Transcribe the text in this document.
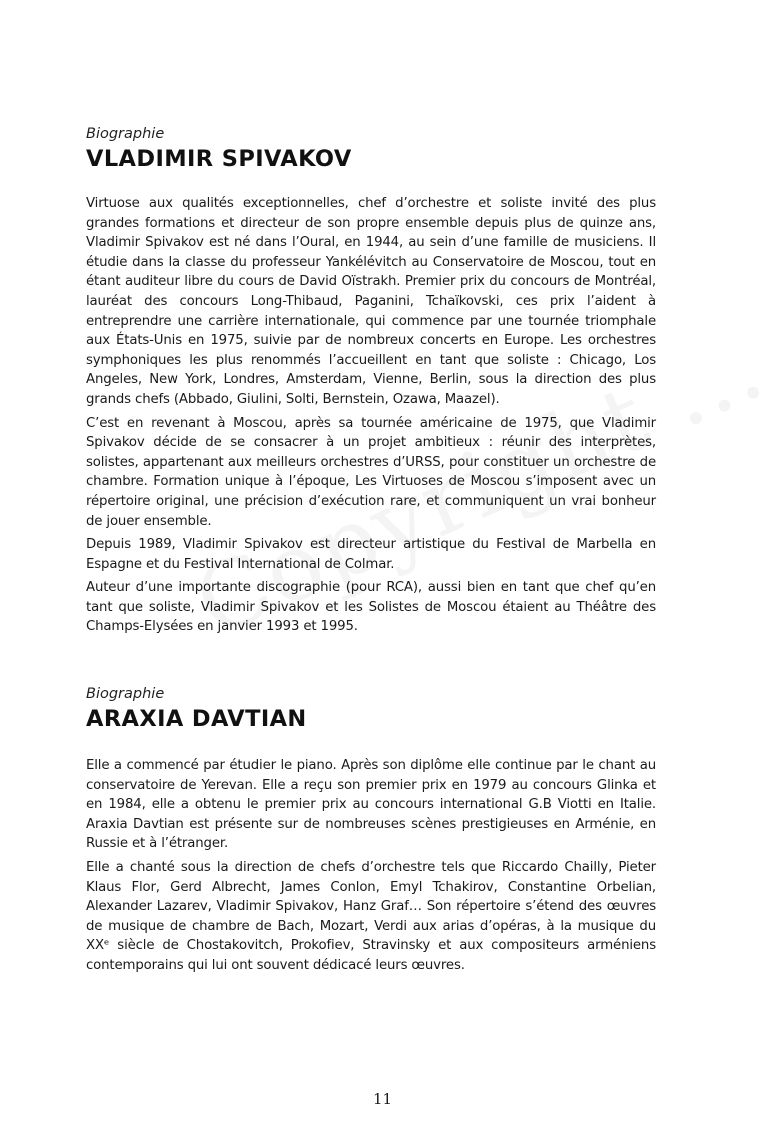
Biographie

VLADIMIR SPIVAKOV

Virtuose aux qualités exceptionnelles, chef d’orchestre et soliste invité des plus grandes formations et directeur de son propre ensemble depuis plus de quinze ans, Vladimir Spivakov est né dans l’Oural, en 1944, au sein d’une famille de musiciens. Il étudie dans la classe du professeur Yankélévitch au Conservatoire de Moscou, tout en étant auditeur libre du cours de David Oïstrakh. Premier prix du concours de Montréal, lauréat des concours Long-Thibaud, Paganini, Tchaïkovski, ces prix l’aident à entreprendre une carrière internationale, qui commence par une tournée triomphale aux États-Unis en 1975, suivie par de nombreux concerts en Europe. Les orchestres symphoniques les plus renommés l’accueillent en tant que soliste : Chicago, Los Angeles, New York, Londres, Amsterdam, Vienne, Berlin, sous la direction des plus grands chefs (Abbado, Giulini, Solti, Bernstein, Ozawa, Maazel).

C’est en revenant à Moscou, après sa tournée américaine de 1975, que Vladimir Spivakov décide de se consacrer à un projet ambitieux : réunir des interprètes, solistes, appartenant aux meilleurs orchestres d’URSS, pour constituer un orchestre de chambre. Formation unique à l’époque, Les Virtuoses de Moscou s’imposent avec un répertoire original, une précision d’exécution rare, et communiquent un vrai bonheur de jouer ensemble.

Depuis 1989, Vladimir Spivakov est directeur artistique du Festival de Marbella en Espagne et du Festival International de Colmar.

Auteur d’une importante discographie (pour RCA), aussi bien en tant que chef qu’en tant que soliste, Vladimir Spivakov et les Solistes de Moscou étaient au Théâtre des Champs-Elysées en janvier 1993 et 1995.

Biographie

ARAXIA DAVTIAN

Elle a commencé par étudier le piano. Après son diplôme elle continue par le chant au conservatoire de Yerevan. Elle a reçu son premier prix en 1979 au concours Glinka et en 1984, elle a obtenu le premier prix au concours international G.B Viotti en Italie. Araxia Davtian est présente sur de nombreuses scènes prestigieuses en Arménie, en Russie et à l’étranger.

Elle a chanté sous la direction de chefs d’orchestre tels que Riccardo Chailly, Pieter Klaus Flor, Gerd Albrecht, James Conlon, Emyl Tchakirov, Constantine Orbelian, Alexander Lazarev, Vladimir Spivakov, Hanz Graf… Son répertoire s’étend des œuvres de musique de chambre de Bach, Mozart, Verdi aux arias d’opéras, à la musique du XXᵉ siècle de Chostakovitch, Prokofiev, Stravinsky et aux compositeurs arméniens contemporains qui lui ont souvent dédicacé leurs œuvres.

11
